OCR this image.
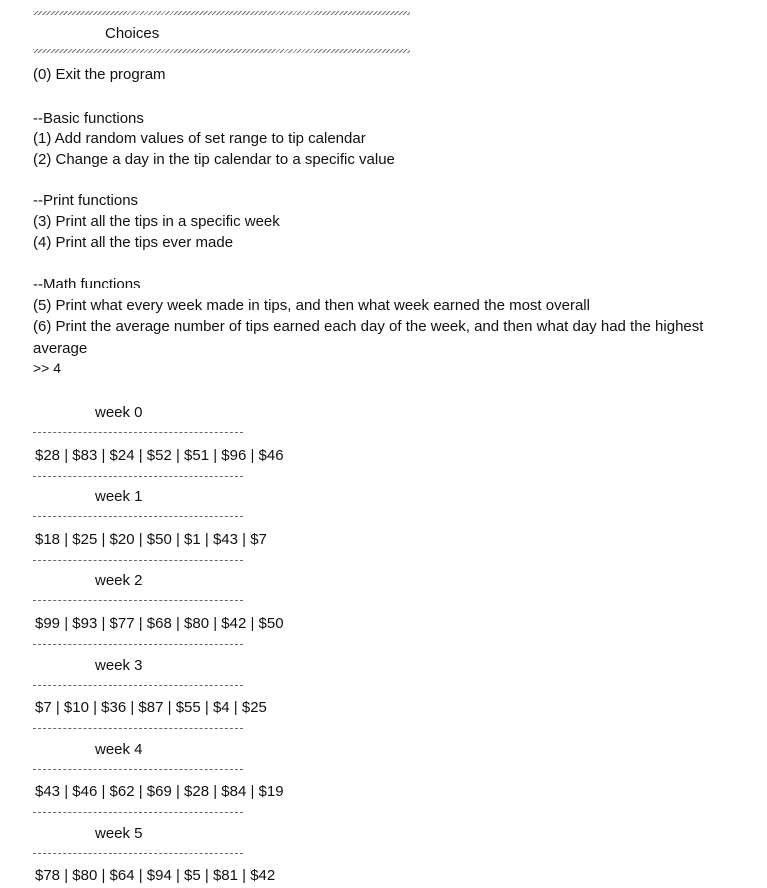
Choices
(0) Exit the program
--Basic functions
(1) Add random values of set range to tip calendar
(2) Change a day in the tip calendar to a specific value
--Print functions
(3) Print all the tips in a specific week
(4) Print all the tips ever made
--Math functions
(5) Print what every week made in tips, and then what week earned the most overall
(6) Print the average number of tips earned each day of the week, and then what day had the highest
average
>> 4
week 0
$28 | $83 | $24 | $52 | $51 | $96 | $46
week 1
$18 | $25 | $20 | $50 | $1 | $43 | $7
week 2
$99 | $93 | $77 | $68 | $80 | $42 | $50
week 3
$7 | $10 | $36 | $87 | $55 | $4 | $25
week 4
$43 | $46 | $62 | $69 | $28 | $84 | $19
week 5
$78 | $80 | $64 | $94 | $5 | $81 | $42
